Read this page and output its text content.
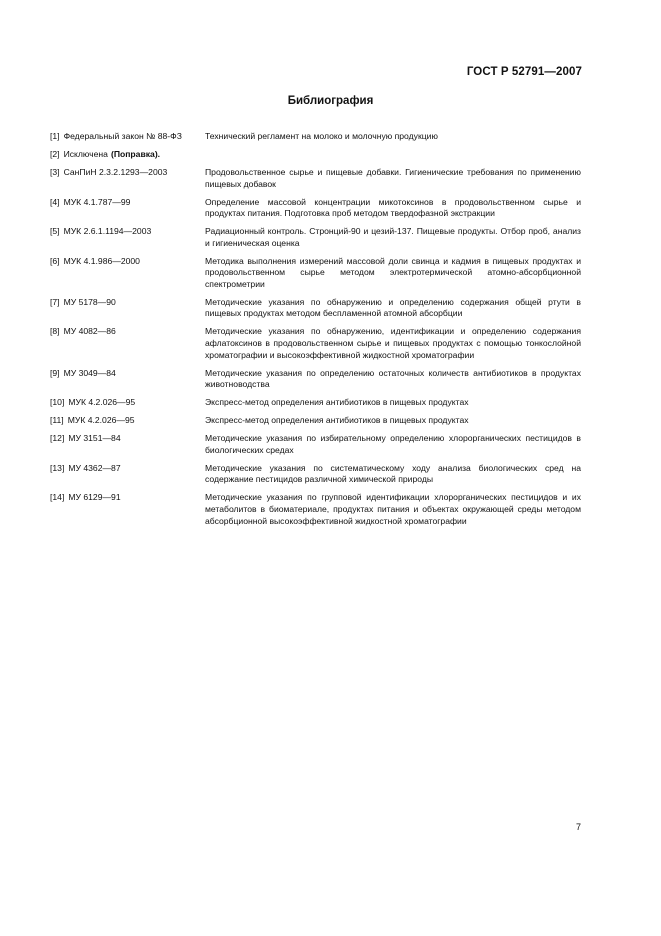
ГОСТ Р 52791—2007
Библиография
[1] Федеральный закон № 88-ФЗ	Технический регламент на молоко и молочную продукцию
[2] Исключена (Поправка).
[3] СанПиН 2.3.2.1293—2003	Продовольственное сырье и пищевые добавки. Гигиенические требования по применению пищевых добавок
[4] МУК 4.1.787—99	Определение массовой концентрации микотоксинов в продовольственном сырье и продуктах питания. Подготовка проб методом твердофазной экстракции
[5] МУК 2.6.1.1194—2003	Радиационный контроль. Стронций-90 и цезий-137. Пищевые продукты. Отбор проб, анализ и гигиеническая оценка
[6] МУК 4.1.986—2000	Методика выполнения измерений массовой доли свинца и кадмия в пищевых продуктах и продовольственном сырье методом электротермической атомно-абсорбционной спектрометрии
[7] МУ 5178—90	Методические указания по обнаружению и определению содержания общей ртути в пищевых продуктах методом беспламенной атомной абсорбции
[8] МУ 4082—86	Методические указания по обнаружению, идентификации и определению содержания афлатоксинов в продовольственном сырье и пищевых продуктах с помощью тонкослойной хроматографии и высокоэффективной жидкостной хроматографии
[9] МУ 3049—84	Методические указания по определению остаточных количеств антибиотиков в продуктах животноводства
[10] МУК 4.2.026—95	Экспресс-метод определения антибиотиков в пищевых продуктах
[11] МУК 4.2.026—95	Экспресс-метод определения антибиотиков в пищевых продуктах
[12] МУ 3151—84	Методические указания по избирательному определению хлорорганических пестицидов в биологических средах
[13] МУ 4362—87	Методические указания по систематическому ходу анализа биологических сред на содержание пестицидов различной химической природы
[14] МУ 6129—91	Методические указания по групповой идентификации хлорорганических пестицидов и их метаболитов в биоматериале, продуктах питания и объектах окружающей среды методом абсорбционной высокоэффективной жидкостной хроматографии
7
